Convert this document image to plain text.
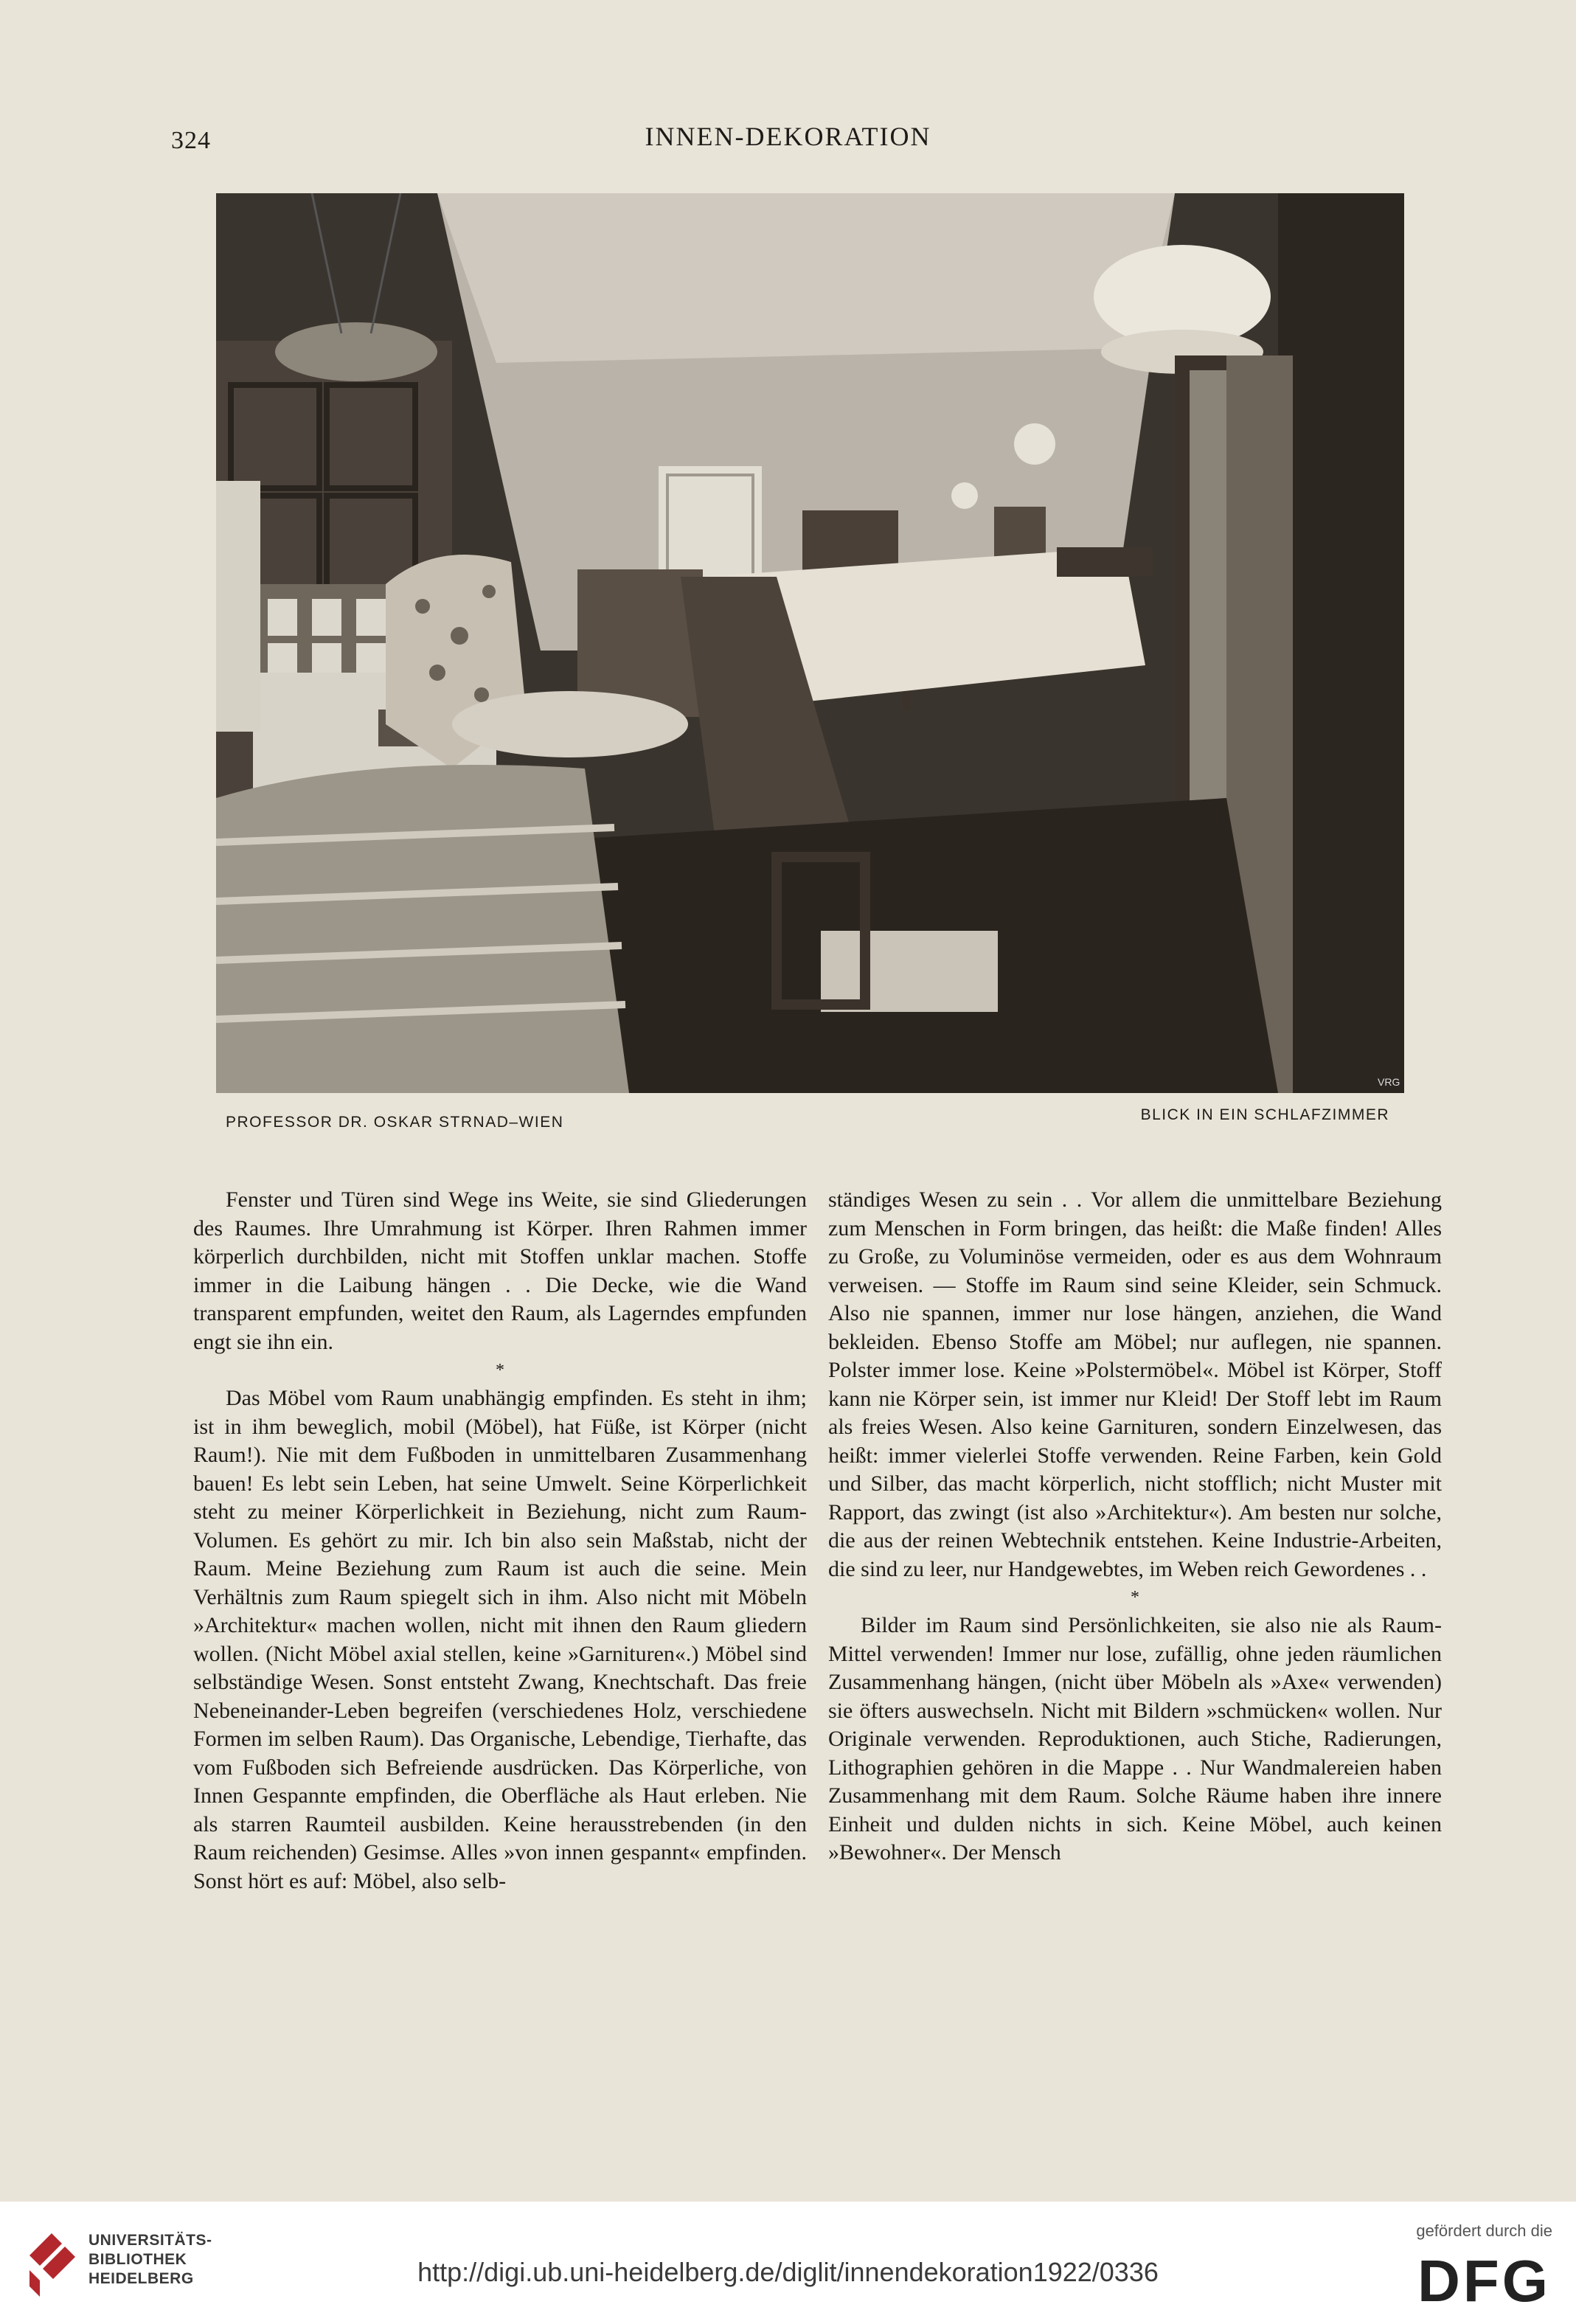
324	INNEN-DEKORATION
VRG
PROFESSOR DR. OSKAR STRNAD–WIEN	BLICK IN EIN SCHLAFZIMMER

Fenster und Türen sind Wege ins Weite, sie sind Gliederungen des Raumes. Ihre Umrahmung ist Körper. Ihren Rahmen immer körperlich durchbilden, nicht mit Stoffen unklar machen. Stoffe immer in die Laibung hängen . . Die Decke, wie die Wand transparent empfunden, weitet den Raum, als Lagerndes empfunden engt sie ihn ein.

*

Das Möbel vom Raum unabhängig empfinden. Es steht in ihm; ist in ihm beweglich, mobil (Möbel), hat Füße, ist Körper (nicht Raum!). Nie mit dem Fußboden in unmittelbaren Zusammenhang bauen! Es lebt sein Leben, hat seine Umwelt. Seine Körperlichkeit steht zu meiner Körperlichkeit in Beziehung, nicht zum Raum-Volumen. Es gehört zu mir. Ich bin also sein Maßstab, nicht der Raum. Meine Beziehung zum Raum ist auch die seine. Mein Verhältnis zum Raum spiegelt sich in ihm. Also nicht mit Möbeln »Architektur« machen wollen, nicht mit ihnen den Raum gliedern wollen. (Nicht Möbel axial stellen, keine »Garnituren«.) Möbel sind selbständige Wesen. Sonst entsteht Zwang, Knechtschaft. Das freie Nebeneinander-Leben begreifen (verschiedenes Holz, verschiedene Formen im selben Raum). Das Organische, Lebendige, Tierhafte, das vom Fußboden sich Befreiende ausdrücken. Das Körperliche, von Innen Gespannte empfinden, die Oberfläche als Haut erleben. Nie als starren Raumteil ausbilden. Keine herausstrebenden (in den Raum reichenden) Gesimse. Alles »von innen gespannt« empfinden. Sonst hört es auf: Möbel, also selb-

ständiges Wesen zu sein . . Vor allem die unmittelbare Beziehung zum Menschen in Form bringen, das heißt: die Maße finden! Alles zu Große, zu Voluminöse vermeiden, oder es aus dem Wohnraum verweisen. — Stoffe im Raum sind seine Kleider, sein Schmuck. Also nie spannen, immer nur lose hängen, anziehen, die Wand bekleiden. Ebenso Stoffe am Möbel; nur auflegen, nie spannen. Polster immer lose. Keine »Polstermöbel«. Möbel ist Körper, Stoff kann nie Körper sein, ist immer nur Kleid! Der Stoff lebt im Raum als freies Wesen. Also keine Garnituren, sondern Einzelwesen, das heißt: immer vielerlei Stoffe verwenden. Reine Farben, kein Gold und Silber, das macht körperlich, nicht stofflich; nicht Muster mit Rapport, das zwingt (ist also »Architektur«). Am besten nur solche, die aus der reinen Webtechnik entstehen. Keine Industrie-Arbeiten, die sind zu leer, nur Handgewebtes, im Weben reich Gewordenes . .

*

Bilder im Raum sind Persönlichkeiten, sie also nie als Raum-Mittel verwenden! Immer nur lose, zufällig, ohne jeden räumlichen Zusammenhang hängen, (nicht über Möbeln als »Axe« verwenden) sie öfters auswechseln. Nicht mit Bildern »schmücken« wollen. Nur Originale verwenden. Reproduktionen, auch Stiche, Radierungen, Lithographien gehören in die Mappe . . Nur Wandmalereien haben Zusammenhang mit dem Raum. Solche Räume haben ihre innere Einheit und dulden nichts in sich. Keine Möbel, auch keinen »Bewohner«. Der Mensch

UNIVERSITÄTS-
BIBLIOTHEK
HEIDELBERG	http://digi.ub.uni-heidelberg.de/diglit/innendekoration1922/0336
gefördert durch die
DFG
